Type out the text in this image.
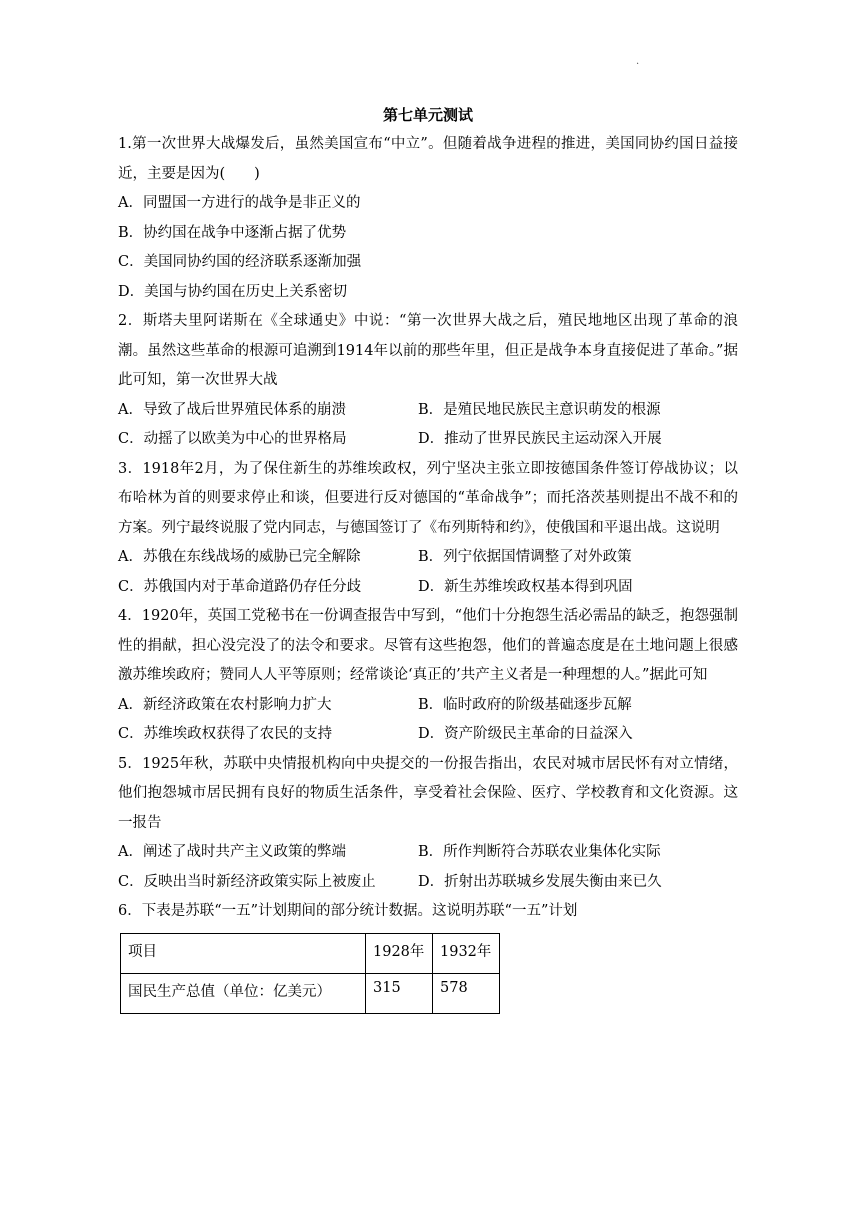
.
第七单元测试

1.第一次世界大战爆发后，虽然美国宣布“中立”。但随着战争进程的推进，美国同协约国日益接近，主要是因为(　　)

A．同盟国一方进行的战争是非正义的
B．协约国在战争中逐渐占据了优势
C．美国同协约国的经济联系逐渐加强
D．美国与协约国在历史上关系密切

2．斯塔夫里阿诺斯在《全球通史》中说：“第一次世界大战之后，殖民地地区出现了革命的浪潮。虽然这些革命的根源可追溯到1914年以前的那些年里，但正是战争本身直接促进了革命。”据此可知，第一次世界大战

A．导致了战后世界殖民体系的崩溃	B．是殖民地民族民主意识萌发的根源
C．动摇了以欧美为中心的世界格局	D．推动了世界民族民主运动深入开展

3．1918年2月，为了保住新生的苏维埃政权，列宁坚决主张立即按德国条件签订停战协议；以布哈林为首的则要求停止和谈，但要进行反对德国的“革命战争”；而托洛茨基则提出不战不和的方案。列宁最终说服了党内同志，与德国签订了《布列斯特和约》，使俄国和平退出战。这说明

A．苏俄在东线战场的威胁已完全解除	B．列宁依据国情调整了对外政策
C．苏俄国内对于革命道路仍存任分歧	D．新生苏维埃政权基本得到巩固

4．1920年，英国工党秘书在一份调查报告中写到，“他们十分抱怨生活必需品的缺乏，抱怨强制性的捐献，担心没完没了的法令和要求。尽管有这些抱怨，他们的普遍态度是在土地问题上很感激苏维埃政府；赞同人人平等原则；经常谈论‘真正的’共产主义者是一种理想的人。”据此可知

A．新经济政策在农村影响力扩大	B．临时政府的阶级基础逐步瓦解
C．苏维埃政权获得了农民的支持	D．资产阶级民主革命的日益深入

5．1925年秋，苏联中央情报机构向中央提交的一份报告指出，农民对城市居民怀有对立情绪，他们抱怨城市居民拥有良好的物质生活条件，享受着社会保险、医疗、学校教育和文化资源。这一报告

A．阐述了战时共产主义政策的弊端	B．所作判断符合苏联农业集体化实际
C．反映出当时新经济政策实际上被废止	D．折射出苏联城乡发展失衡由来已久

6．下表是苏联“一五”计划期间的部分统计数据。这说明苏联“一五”计划

项目	1928年	1932年
国民生产总值（单位：亿美元）	315	578
